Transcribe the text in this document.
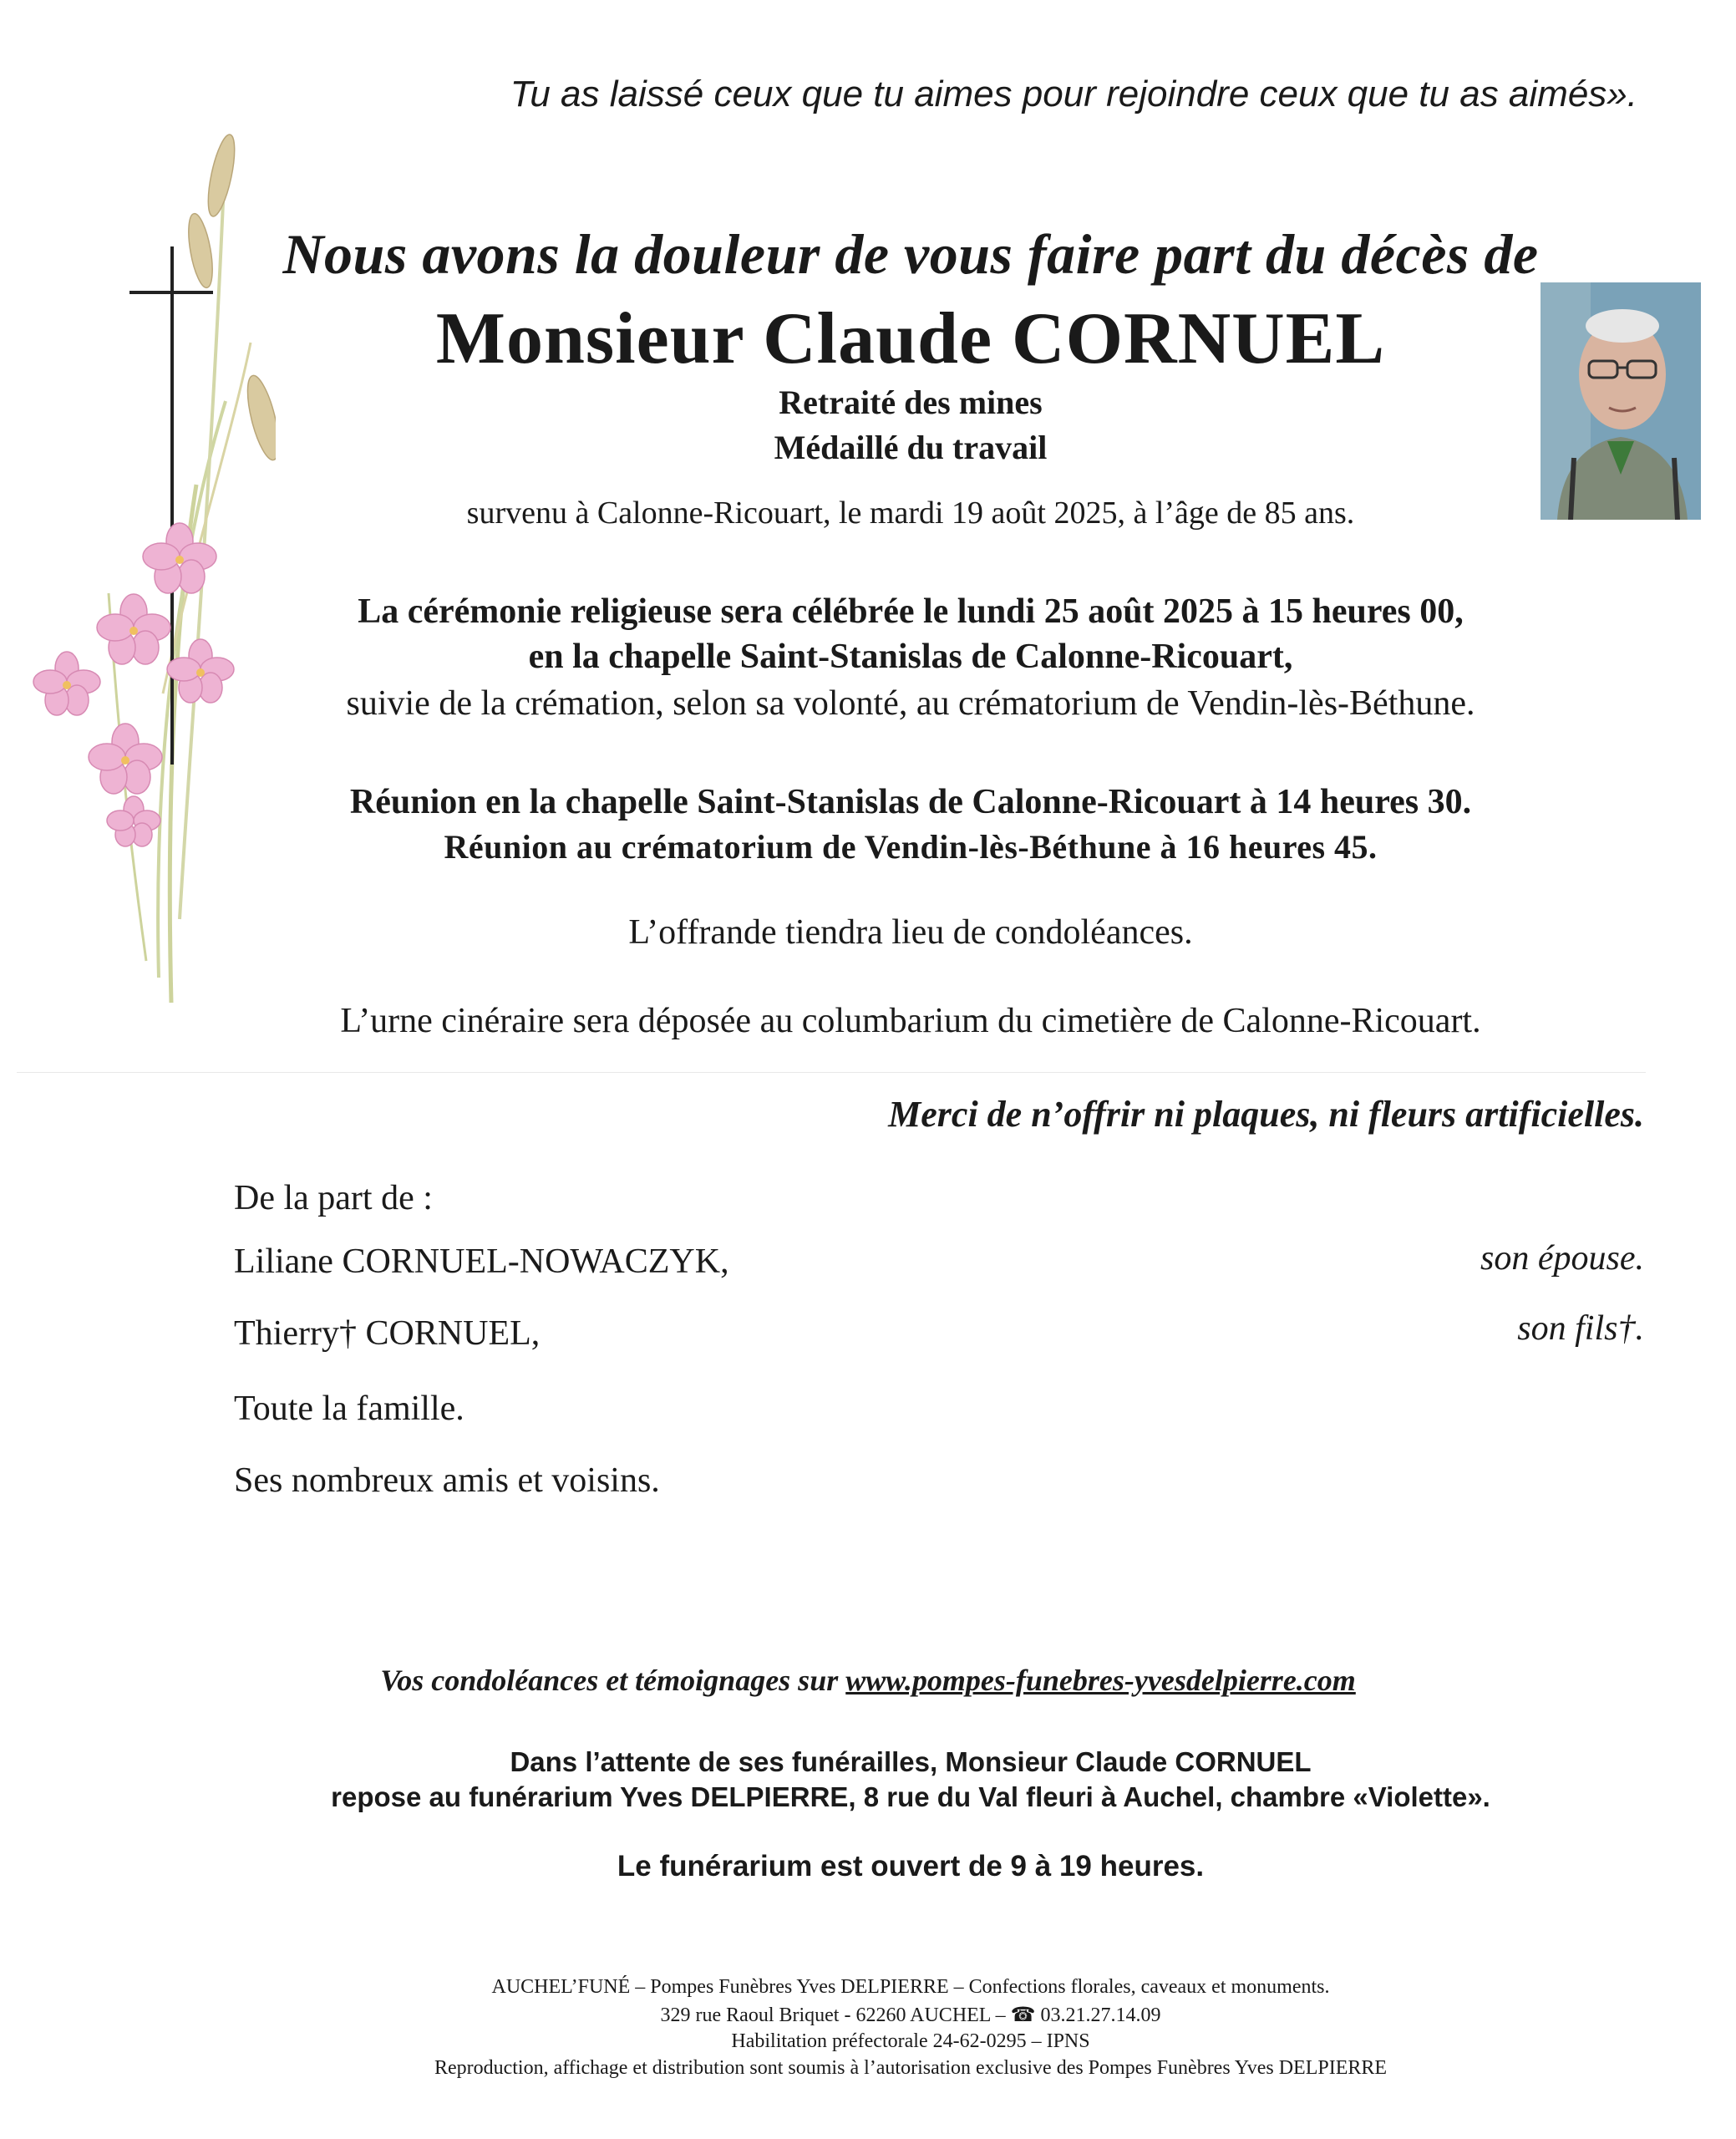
Tu as laissé ceux que tu aimes pour rejoindre ceux que tu as aimés».
Nous avons la douleur de vous faire part du décès de
Monsieur Claude CORNUEL
Retraité des mines
Médaillé du travail
survenu à Calonne-Ricouart, le mardi 19 août 2025, à l’âge de 85 ans.
La cérémonie religieuse sera célébrée le lundi 25 août 2025 à 15 heures 00,
en la chapelle Saint-Stanislas de Calonne-Ricouart,
suivie de la crémation, selon sa volonté, au crématorium de Vendin-lès-Béthune.
Réunion en la chapelle Saint-Stanislas de Calonne-Ricouart à 14 heures 30.
Réunion au crématorium de Vendin-lès-Béthune à 16 heures 45.
L’offrande tiendra lieu de condoléances.
L’urne cinéraire sera déposée au columbarium du cimetière de Calonne-Ricouart.
Merci de n’offrir ni plaques, ni fleurs artificielles.
De la part de :
Liliane CORNUEL-NOWACZYK,	son épouse.
Thierry† CORNUEL,	son fils†.
Toute la famille.
Ses nombreux amis et voisins.
Vos condoléances et témoignages sur www.pompes-funebres-yvesdelpierre.com
Dans l’attente de ses funérailles, Monsieur Claude CORNUEL
repose au funérarium Yves DELPIERRE, 8 rue du Val fleuri à Auchel, chambre «Violette».
Le funérarium est ouvert de 9 à 19 heures.
AUCHEL’FUNÉ – Pompes Funèbres Yves DELPIERRE – Confections florales, caveaux et monuments.
329 rue Raoul Briquet - 62260 AUCHEL – ☎ 03.21.27.14.09
Habilitation préfectorale 24-62-0295 – IPNS
Reproduction, affichage et distribution sont soumis à l’autorisation exclusive des Pompes Funèbres Yves DELPIERRE
